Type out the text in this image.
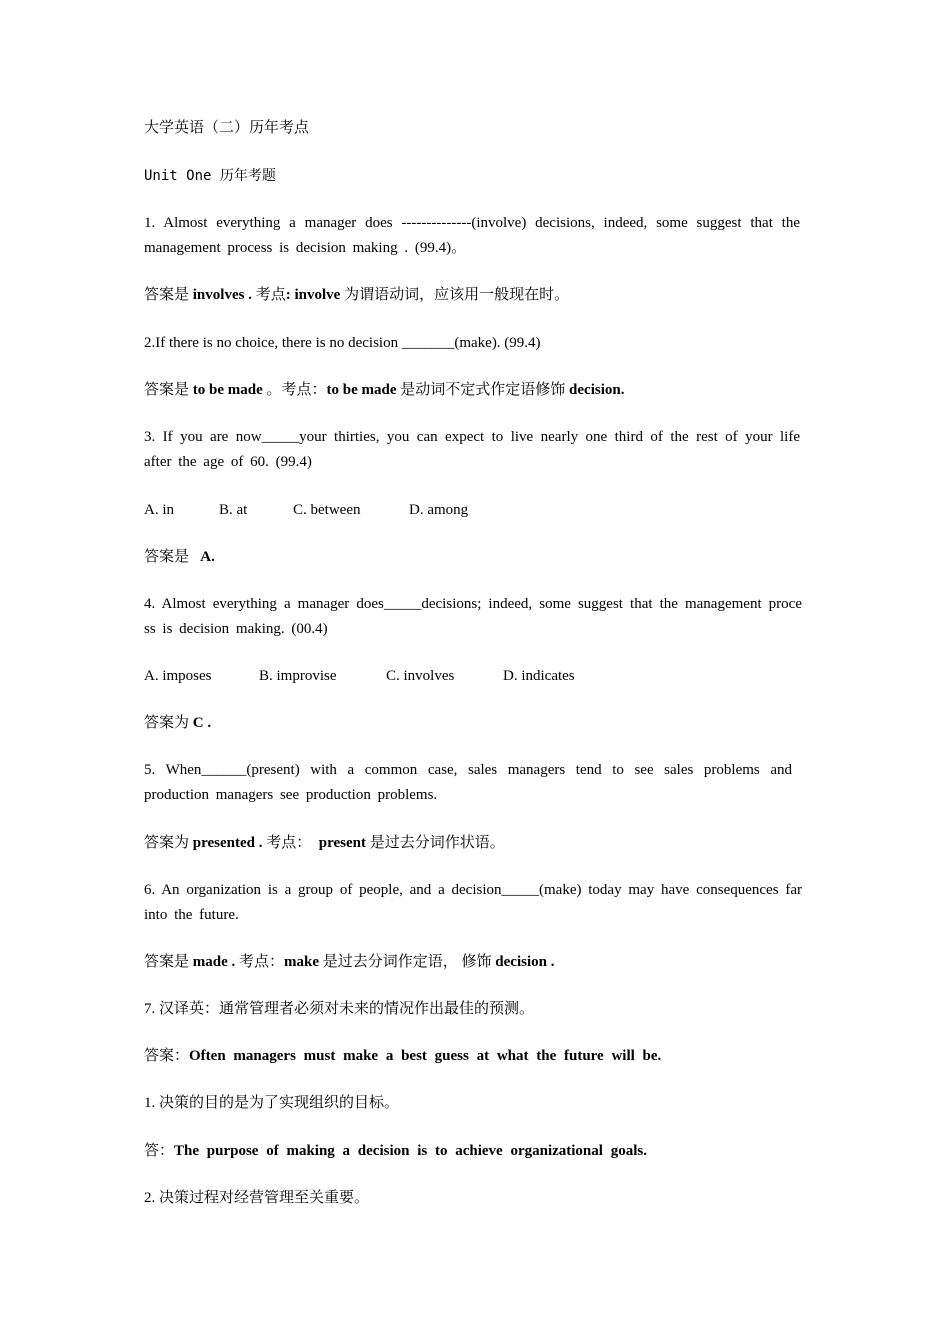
大学英语（二）历年考点
Unit One 历年考题
1. Almost everything a manager does --------------(involve) decisions, indeed, some suggest that the management process is decision making . (99.4)。
答案是 involves . 考点: involve 为谓语动词，应该用一般现在时。
2.If there is no choice, there is no decision _______(make). (99.4)
答案是 to be made 。考点：to be made 是动词不定式作定语修饰 decision.
3. If you are now_____your thirties, you can expect to live nearly one third of the rest of your life after the age of 60. (99.4)
A. in	B. at	C. between	D. among
答案是   A.
4. Almost everything a manager does_____decisions; indeed, some suggest that the management process is decision making. (00.4)
A. imposes	B. improvise	C. involves	D. indicates
答案为 C .
5. When______(present) with a common case, sales managers tend to see sales problems and production managers see production problems.
答案为 presented . 考点： present 是过去分词作状语。
6. An organization is a group of people, and a decision_____(make) today may have consequences far into the future.
答案是 made . 考点：make 是过去分词作定语， 修饰 decision .
7. 汉译英：通常管理者必须对未来的情况作出最佳的预测。
答案：Often managers must make a best guess at what the future will be.
1. 决策的目的是为了实现组织的目标。
答：The purpose of making a decision is to achieve organizational goals.
2. 决策过程对经营管理至关重要。
